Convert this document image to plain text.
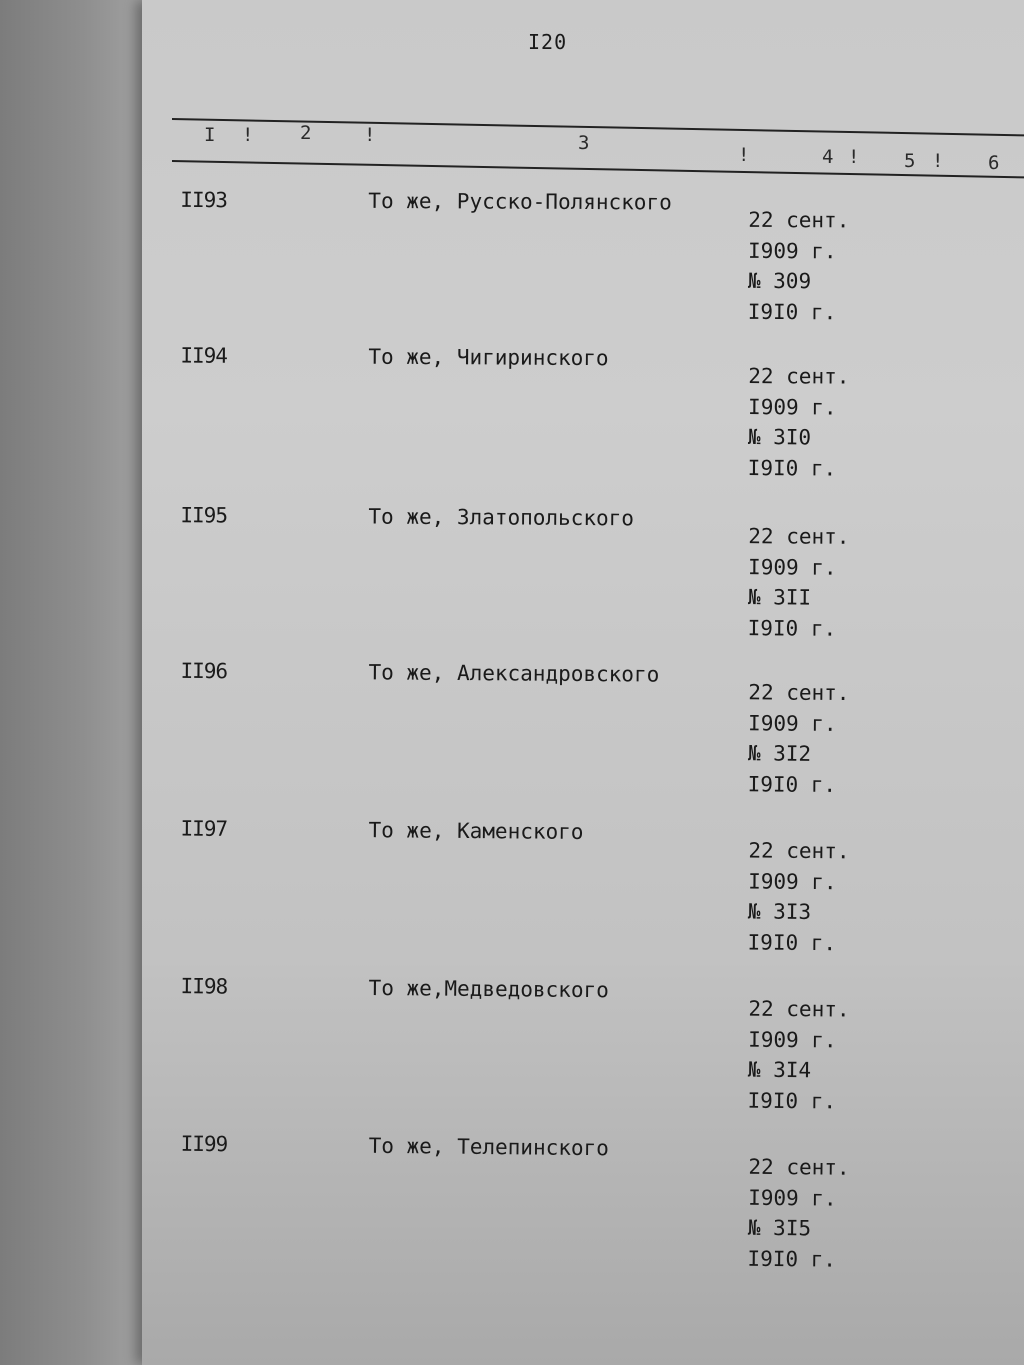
I20
I ! 2	!	3
!	4 ! 5 ! 6
II93	То же, Русско-Полянского
22 сент.
I909 г.
№ 309
I9I0 г.
II94	То же, Чигиринского
22 сент.
I909 г.
№ 3I0
I9I0 г.
II95	То же, Златопольского
22 сент.
I909 г.
№ 3II
I9I0 г.
II96	То же, Александровского
22 сент.
I909 г.
№ 3I2
I9I0 г.
II97	То же, Каменского
22 сент.
I909 г.
№ 3I3
I9I0 г.
II98	То же,Медведовского
22 сент.
I909 г.
№ 3I4
I9I0 г.
II99	То же, Телепинского
22 сент.
I909 г.
№ 3I5
I9I0 г.
